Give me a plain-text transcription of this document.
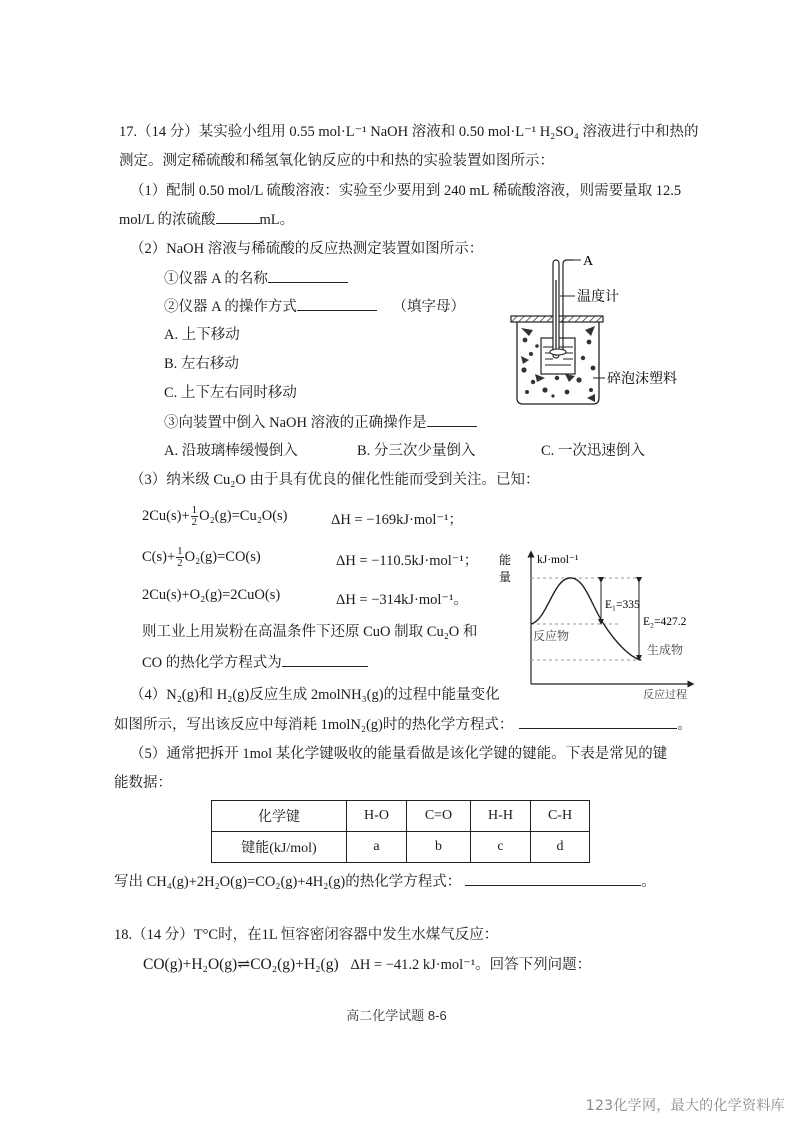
17.（14 分）某实验小组用 0.55 mol·L⁻¹ NaOH 溶液和 0.50 mol·L⁻¹ H₂SO₄ 溶液进行中和热的
测定。测定稀硫酸和稀氢氧化钠反应的中和热的实验装置如图所示：
（1）配制 0.50 mol/L 硫酸溶液：实验至少要用到 240 mL 稀硫酸溶液，则需要量取 12.5
mol/L 的浓硫酸	mL。
（2）NaOH 溶液与稀硫酸的反应热测定装置如图所示：
①仪器 A 的名称
②仪器 A 的操作方式	（填字母）
A. 上下移动
B. 左右移动
C. 上下左右同时移动
③向装置中倒入 NaOH 溶液的正确操作是
A. 沿玻璃棒缓慢倒入	B. 分三次少量倒入	C. 一次迅速倒入
A
温度计
碎泡沫塑料
（3）纳米级 Cu₂O 由于具有优良的催化性能而受到关注。已知：
$2Cu(s)+ \frac{1}{2} O_2(g)=Cu_2O(s)$	ΔH = −169kJ·mol⁻¹；
$C(s)+ \frac{1}{2} O_2(g)=CO(s)$	ΔH = −110.5kJ·mol⁻¹；
2Cu(s)+O₂(g)=2CuO(s)	ΔH = −314kJ·mol⁻¹。
则工业上用炭粉在高温条件下还原 CuO 制取 Cu₂O 和
CO 的热化学方程式为
能
量
kJ·mol⁻¹
反应过程
E₁=335
E₂=427.2
反应物
生成物
（4）N₂(g)和 H₂(g)反应生成 2molNH₃(g)的过程中能量变化
如图所示，写出该反应中每消耗 1molN₂(g)时的热化学方程式：	。
（5）通常把拆开 1mol 某化学键吸收的能量看做是该化学键的键能。下表是常见的键
能数据：
化学键	H-O	C=O	H-H	C-H
键能(kJ/mol)	a	b	c	d
写出 CH₄(g)+2H₂O(g)=CO₂(g)+4H₂(g)的热化学方程式：	。
18.（14 分）T°C时，在1L 恒容密闭容器中发生水煤气反应：
CO(g)+H₂O(g)⇌CO₂(g)+H₂(g) ΔH = −41.2 kJ·mol⁻¹。回答下列问题：
高二化学试题 8-6
123化学网，最大的化学资料库
